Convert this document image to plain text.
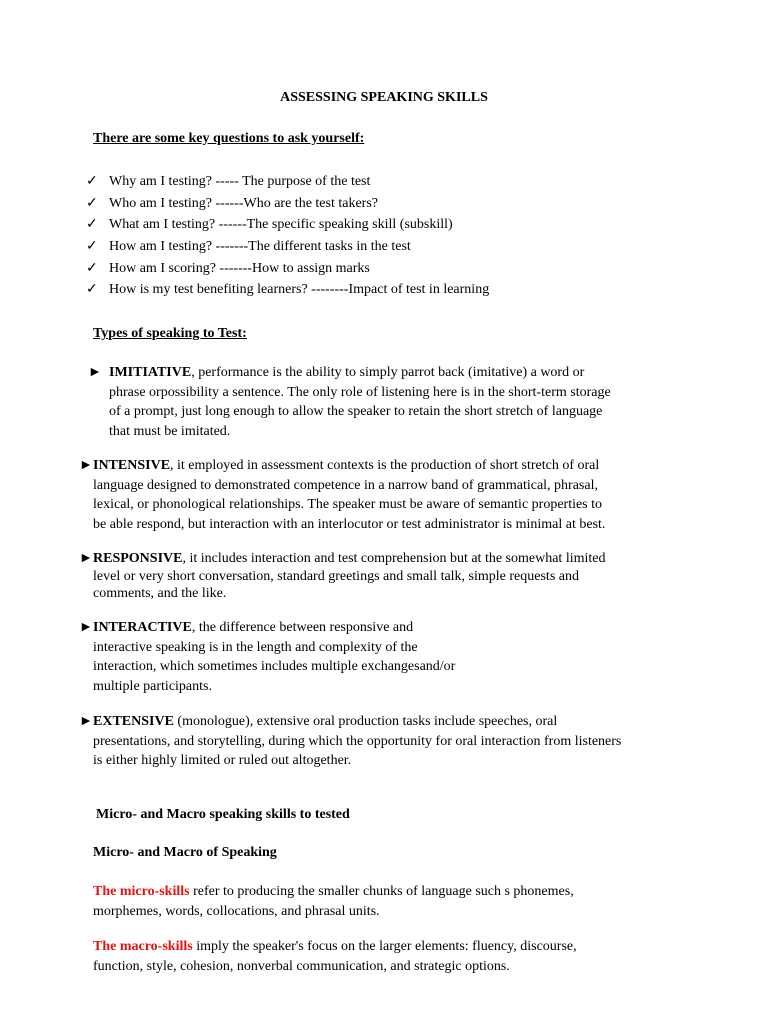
ASSESSING SPEAKING SKILLS
There are some key questions to ask yourself:
✓ Why am I testing? ----- The purpose of the test
✓ Who am I testing? ------Who are the test takers?
✓ What am I testing? ------The specific speaking skill (subskill)
✓ How am I testing? -------The different tasks in the test
✓ How am I scoring? -------How to assign marks
✓ How is my test benefiting learners? --------Impact of test in learning
Types of speaking to Test:
► IMITIATIVE, performance is the ability to simply parrot back (imitative) a word or
phrase orpossibility a sentence. The only role of listening here is in the short-term storage
of a prompt, just long enough to allow the speaker to retain the short stretch of language
that must be imitated.
►INTENSIVE, it employed in assessment contexts is the production of short stretch of oral
language designed to demonstrated competence in a narrow band of grammatical, phrasal,
lexical, or phonological relationships. The speaker must be aware of semantic properties to
be able respond, but interaction with an interlocutor or test administrator is minimal at best.
►RESPONSIVE, it includes interaction and test comprehension but at the somewhat limited
level or very short conversation, standard greetings and small talk, simple requests and
comments, and the like.
►INTERACTIVE, the difference between responsive and
interactive speaking is in the length and complexity of the
interaction, which sometimes includes multiple exchangesand/or
multiple participants.
►EXTENSIVE (monologue), extensive oral production tasks include speeches, oral
presentations, and storytelling, during which the opportunity for oral interaction from listeners
is either highly limited or ruled out altogether.
Micro- and Macro speaking skills to tested
Micro- and Macro of Speaking
The micro-skills refer to producing the smaller chunks of language such s phonemes,
morphemes, words, collocations, and phrasal units.
The macro-skills imply the speaker's focus on the larger elements: fluency, discourse,
function, style, cohesion, nonverbal communication, and strategic options.
